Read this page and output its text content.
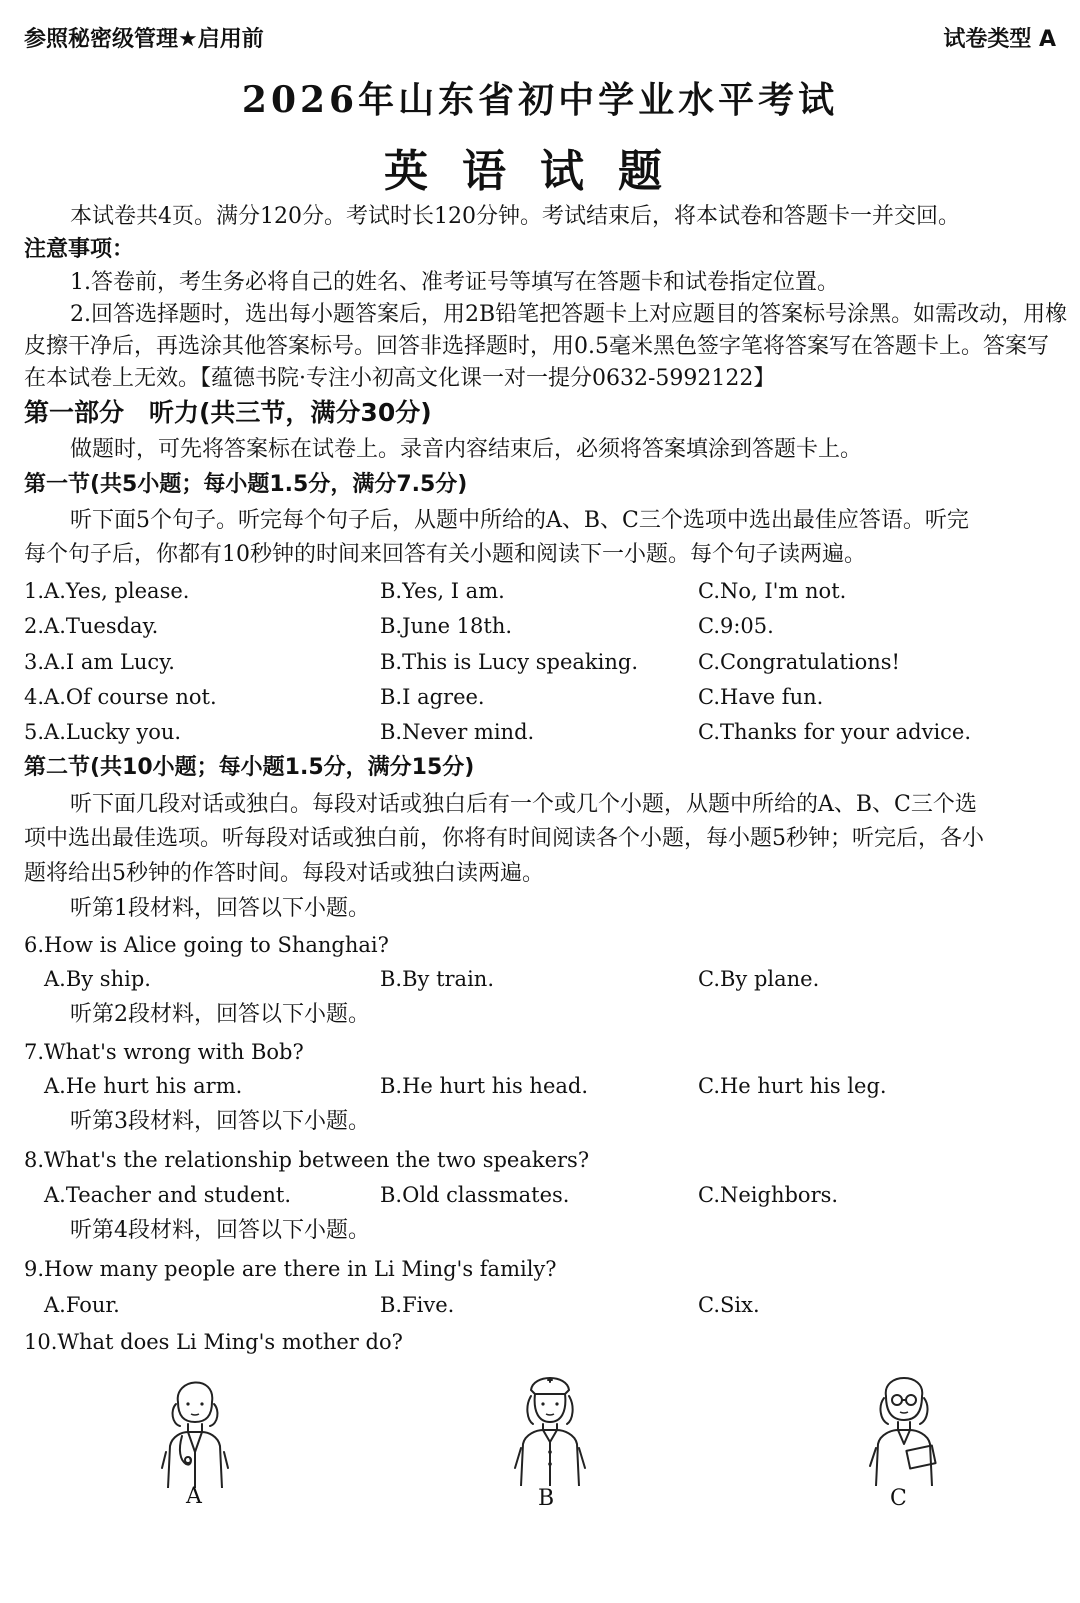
参照秘密级管理★启用前	试卷类型 A
2026年山东省初中学业水平考试
英语试题
本试卷共4页。满分120分。考试时长120分钟。考试结束后，将本试卷和答题卡一并交回。
注意事项：
1.答卷前，考生务必将自己的姓名、准考证号等填写在答题卡和试卷指定位置。
2.回答选择题时，选出每小题答案后，用2B铅笔把答题卡上对应题目的答案标号涂黑。如需改动，用橡
皮擦干净后，再选涂其他答案标号。回答非选择题时，用0.5毫米黑色签字笔将答案写在答题卡上。答案写
在本试卷上无效。【蕴德书院·专注小初高文化课一对一提分0632-5992122】
第一部分　听力(共三节，满分30分)
做题时，可先将答案标在试卷上。录音内容结束后，必须将答案填涂到答题卡上。
第一节(共5小题；每小题1.5分，满分7.5分)
听下面5个句子。听完每个句子后，从题中所给的A、B、C三个选项中选出最佳应答语。听完
每个句子后，你都有10秒钟的时间来回答有关小题和阅读下一小题。每个句子读两遍。
1.A.Yes, please.	B.Yes, I am.	C.No, I'm not.
2.A.Tuesday.	B.June 18th.	C.9:05.
3.A.I am Lucy.	B.This is Lucy speaking.	C.Congratulations!
4.A.Of course not.	B.I agree.	C.Have fun.
5.A.Lucky you.	B.Never mind.	C.Thanks for your advice.
第二节(共10小题；每小题1.5分，满分15分)
听下面几段对话或独白。每段对话或独白后有一个或几个小题，从题中所给的A、B、C三个选
项中选出最佳选项。听每段对话或独白前，你将有时间阅读各个小题，每小题5秒钟；听完后，各小
题将给出5秒钟的作答时间。每段对话或独白读两遍。
听第1段材料，回答以下小题。
6.How is Alice going to Shanghai?
A.By ship.	B.By train.	C.By plane.
听第2段材料，回答以下小题。
7.What's wrong with Bob?
A.He hurt his arm.	B.He hurt his head.	C.He hurt his leg.
听第3段材料，回答以下小题。
8.What's the relationship between the two speakers?
A.Teacher and student.	B.Old classmates.	C.Neighbors.
听第4段材料，回答以下小题。
9.How many people are there in Li Ming's family?
A.Four.	B.Five.	C.Six.
10.What does Li Ming's mother do?
A	B	C
